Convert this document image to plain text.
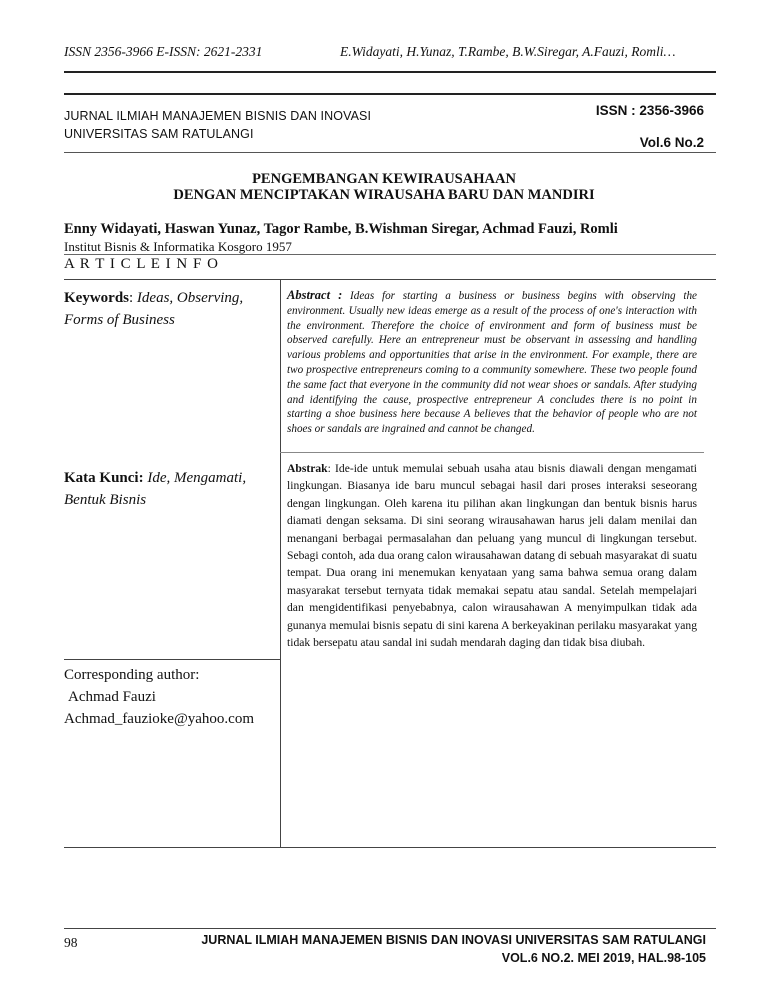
ISSN 2356-3966 E-ISSN: 2621-2331	E.Widayati, H.Yunaz, T.Rambe, B.W.Siregar, A.Fauzi, Romli…
JURNAL ILMIAH MANAJEMEN BISNIS DAN INOVASI
UNIVERSITAS SAM RATULANGI
ISSN : 2356-3966
Vol.6 No.2
PENGEMBANGAN KEWIRAUSAHAAN
DENGAN MENCIPTAKAN WIRAUSAHA BARU DAN MANDIRI
Enny Widayati, Haswan Yunaz, Tagor Rambe, B.Wishman Siregar, Achmad Fauzi, Romli
Institut Bisnis & Informatika Kosgoro 1957
A R T I C L E I N F O
Keywords: Ideas, Observing, Forms of Business
Kata Kunci: Ide, Mengamati, Bentuk Bisnis
Corresponding author:
Achmad Fauzi
Achmad_fauzioke@yahoo.com
Abstract : Ideas for starting a business or business begins with observing the environment. Usually new ideas emerge as a result of the process of one's interaction with the environment. Therefore the choice of environment and form of business must be observed carefully. Here an entrepreneur must be observant in assessing and handling various problems and opportunities that arise in the environment. For example, there are two prospective entrepreneurs coming to a community somewhere. These two people found the same fact that everyone in the community did not wear shoes or sandals. After studying and identifying the cause, prospective entrepreneur A concludes there is no point in starting a shoe business here because A believes that the behavior of people who are not shoes or sandals are ingrained and cannot be changed.
Abstrak: Ide-ide untuk memulai sebuah usaha atau bisnis diawali dengan mengamati lingkungan. Biasanya ide baru muncul sebagai hasil dari proses interaksi seseorang dengan lingkungan. Oleh karena itu pilihan akan lingkungan dan bentuk bisnis harus diamati dengan seksama. Di sini seorang wirausahawan harus jeli dalam menilai dan menangani berbagai permasalahan dan peluang yang muncul di lingkungan tersebut. Sebagi contoh, ada dua orang calon wirausahawan datang di sebuah masyarakat di suatu tempat. Dua orang ini menemukan kenyataan yang sama bahwa semua orang dalam masyarakat tersebut ternyata tidak memakai sepatu atau sandal. Setelah mempelajari dan mengidentifikasi penyebabnya, calon wirausahawan A menyimpulkan tidak ada gunanya memulai bisnis sepatu di sini karena A berkeyakinan perilaku masyarakat yang tidak bersepatu atau sandal ini sudah mendarah daging dan tidak bisa diubah.
98	JURNAL ILMIAH MANAJEMEN BISNIS DAN INOVASI UNIVERSITAS SAM RATULANGI
VOL.6 NO.2. MEI 2019, HAL.98-105
